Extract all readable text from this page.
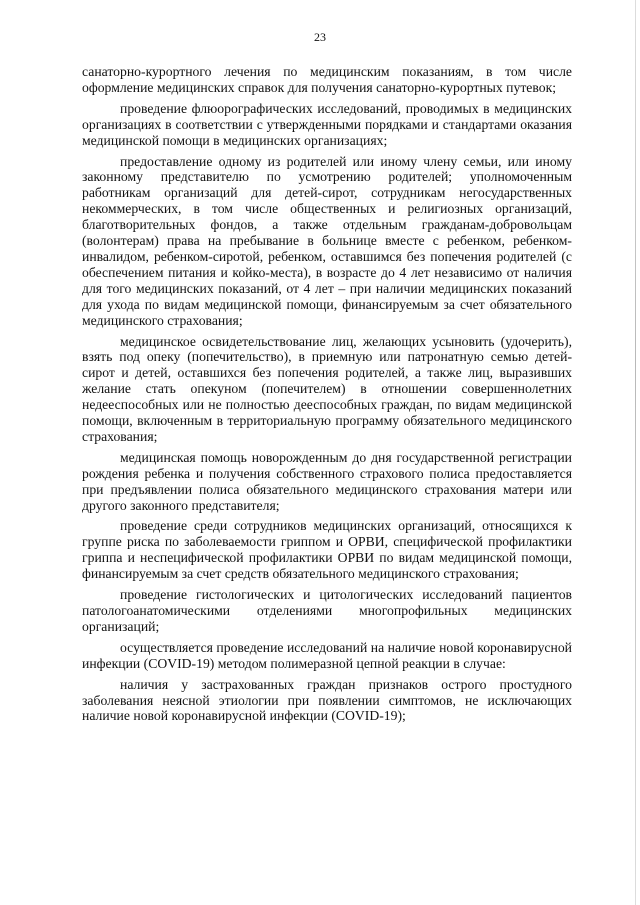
23

санаторно-курортного лечения по медицинским показаниям, в том числе оформление медицинских справок для получения санаторно-курортных путевок;

проведение флюорографических исследований, проводимых в медицинских организациях в соответствии с утвержденными порядками и стандартами оказания медицинской помощи в медицинских организациях;

предоставление одному из родителей или иному члену семьи, или иному законному представителю по усмотрению родителей; уполномоченным работникам организаций для детей-сирот, сотрудникам негосударственных некоммерческих, в том числе общественных и религиозных организаций, благотворительных фондов, а также отдельным гражданам-добровольцам (волонтерам) права на пребывание в больнице вместе с ребенком, ребенком-инвалидом, ребенком-сиротой, ребенком, оставшимся без попечения родителей (с обеспечением питания и койко-места), в возрасте до 4 лет независимо от наличия для того медицинских показаний, от 4 лет – при наличии медицинских показаний для ухода по видам медицинской помощи, финансируемым за счет обязательного медицинского страхования;

медицинское освидетельствование лиц, желающих усыновить (удочерить), взять под опеку (попечительство), в приемную или патронатную семью детей-сирот и детей, оставшихся без попечения родителей, а также лиц, выразивших желание стать опекуном (попечителем) в отношении совершеннолетних недееспособных или не полностью дееспособных граждан, по видам медицинской помощи, включенным в территориальную программу обязательного медицинского страхования;

медицинская помощь новорожденным до дня государственной регистрации рождения ребенка и получения собственного страхового полиса предоставляется при предъявлении полиса обязательного медицинского страхования матери или другого законного представителя;

проведение среди сотрудников медицинских организаций, относящихся к группе риска по заболеваемости гриппом и ОРВИ, специфической профилактики гриппа и неспецифической профилактики ОРВИ по видам медицинской помощи, финансируемым за счет средств обязательного медицинского страхования;

проведение гистологических и цитологических исследований пациентов патологоанатомическими отделениями многопрофильных медицинских организаций;

осуществляется проведение исследований на наличие новой коронавирусной инфекции (COVID-19) методом полимеразной цепной реакции в случае:

наличия у застрахованных граждан признаков острого простудного заболевания неясной этиологии при появлении симптомов, не исключающих наличие новой коронавирусной инфекции (COVID-19);
